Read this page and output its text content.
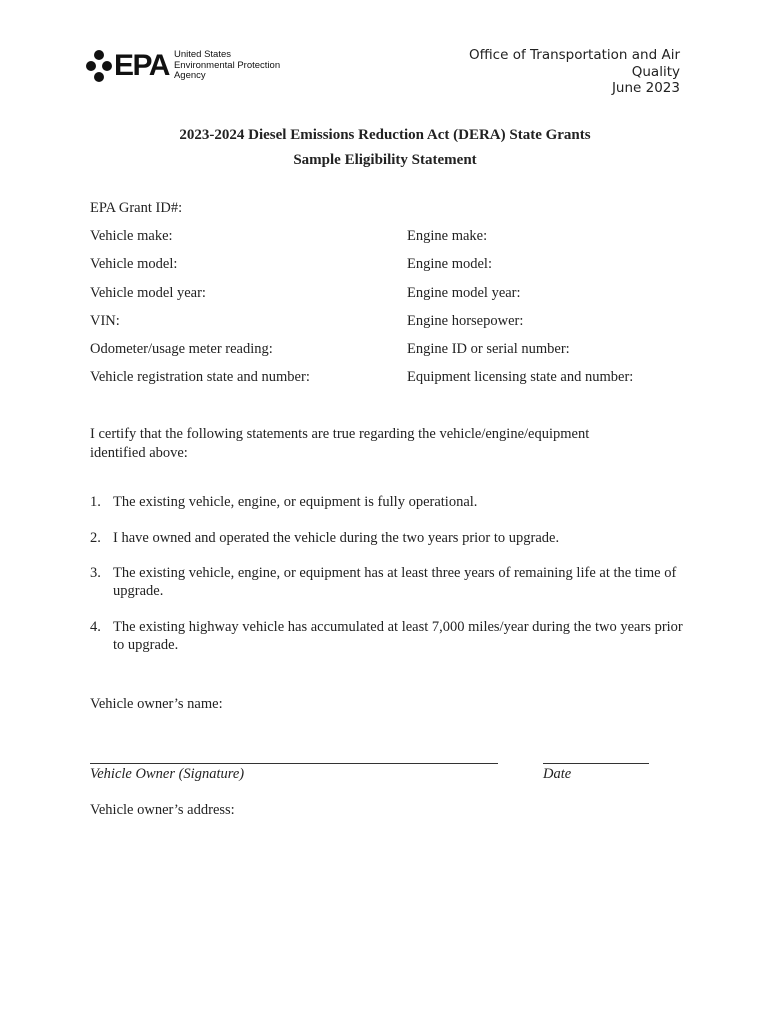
EPA United States
Environmental Protection
Agency
Office of Transportation and Air
Quality
June 2023
2023-2024 Diesel Emissions Reduction Act (DERA) State Grants
Sample Eligibility Statement
EPA Grant ID#:
Vehicle make:
Vehicle model:
Vehicle model year:
VIN:
Odometer/usage meter reading:
Vehicle registration state and number:
Engine make:
Engine model:
Engine model year:
Engine horsepower:
Engine ID or serial number:
Equipment licensing state and number:
I certify that the following statements are true regarding the vehicle/engine/equipment
identified above:
1. The existing vehicle, engine, or equipment is fully operational.
2. I have owned and operated the vehicle during the two years prior to upgrade.
3. The existing vehicle, engine, or equipment has at least three years of remaining life at the time of upgrade.
4. The existing highway vehicle has accumulated at least 7,000 miles/year during the two years prior to upgrade.
Vehicle owner’s name:
Vehicle Owner (Signature)	Date
Vehicle owner’s address:
